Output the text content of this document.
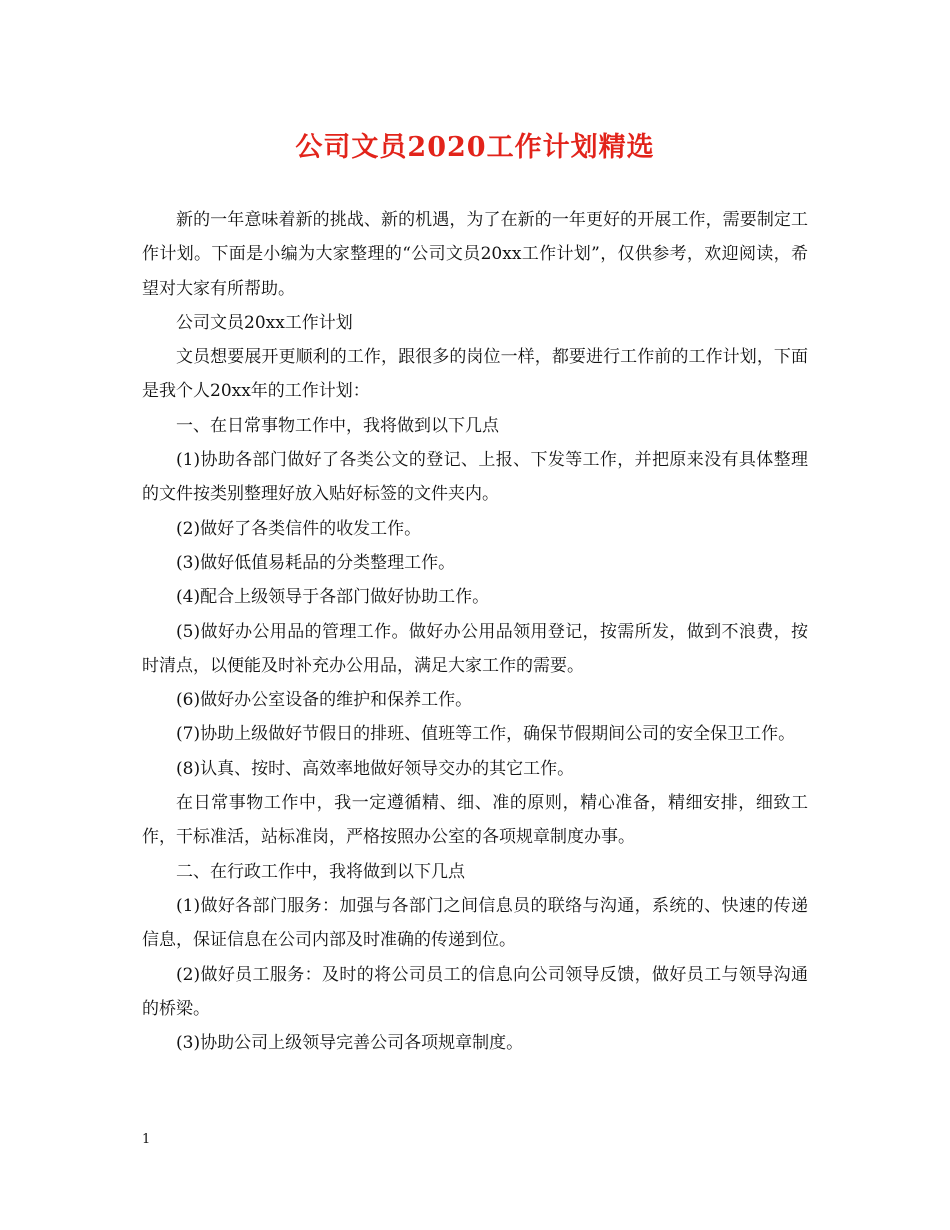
公司文员2020工作计划精选

新的一年意味着新的挑战、新的机遇，为了在新的一年更好的开展工作，需要制定工作计划。下面是小编为大家整理的“公司文员20xx工作计划”，仅供参考，欢迎阅读，希望对大家有所帮助。

公司文员20xx工作计划

文员想要展开更顺利的工作，跟很多的岗位一样，都要进行工作前的工作计划，下面是我个人20xx年的工作计划：

一、在日常事物工作中，我将做到以下几点

(1)协助各部门做好了各类公文的登记、上报、下发等工作，并把原来没有具体整理的文件按类别整理好放入贴好标签的文件夹内。

(2)做好了各类信件的收发工作。

(3)做好低值易耗品的分类整理工作。

(4)配合上级领导于各部门做好协助工作。

(5)做好办公用品的管理工作。做好办公用品领用登记，按需所发，做到不浪费，按时清点，以便能及时补充办公用品，满足大家工作的需要。

(6)做好办公室设备的维护和保养工作。

(7)协助上级做好节假日的排班、值班等工作，确保节假期间公司的安全保卫工作。

(8)认真、按时、高效率地做好领导交办的其它工作。

在日常事物工作中，我一定遵循精、细、准的原则，精心准备，精细安排，细致工作，干标准活，站标准岗，严格按照办公室的各项规章制度办事。

二、在行政工作中，我将做到以下几点

(1)做好各部门服务：加强与各部门之间信息员的联络与沟通，系统的、快速的传递信息，保证信息在公司内部及时准确的传递到位。

(2)做好员工服务：及时的将公司员工的信息向公司领导反馈，做好员工与领导沟通的桥梁。

(3)协助公司上级领导完善公司各项规章制度。

1
